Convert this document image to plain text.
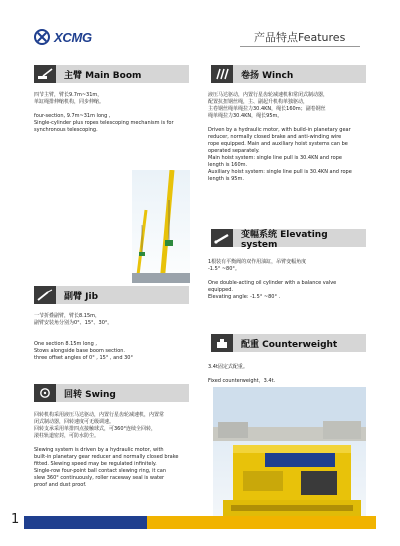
XCMG	产品特点Features
主臂 Main Boom

四节主臂，臂长9.7m~31m，

单缸绳排伸缩机构，同步伸缩。

four-section, 9.7m~31m long ,

Single-cylinder plus ropes telescoping mechanism is for

synchronous telescoping.

卷扬 Winch

液压马达驱动，内置行星齿轮减速机和常闭式制动器，

配置抗扭钢丝绳，主、副起升机构单独驱动，

主卷钢丝绳单绳拉力30.4KN，绳长160m；副卷钢丝

绳单绳拉力30.4KN，绳长95m。

Driven by a hydraulic motor, with build-in planetary gear

reducer, normally closed brake and anti-winding wire

rope equipped. Main and auxiliary hoist systems can be

operated separately.

Main hoist system: single line pull is 30.4KN and rope

length is 160m.

Auxiliary hoist system: single line pull is 30.4KN and rope

length is 95m.

变幅系统 Elevating system

1根装有平衡阀的双作用油缸，吊臂变幅角度

-1.5° ~80°。

One double-acting oil cylinder with a balance valve

equipped.

Elevating angle: -1.5° ~80° .

副臂 Jib

一节折叠副臂，臂长8.15m，

副臂安装角分别为0°、15°、30°。

One section 8.15m long ,

Stows alongside base boom section.

three offset angles of 0° , 15° , and 30°

配重 Counterweight

3.4t固定式配重。

Fixed counterweight，3.4t.

回转 Swing

回转机构采用液压马达驱动，内置行星齿轮减速机，内置常

闭式制动器，回转速度可无级调速。

回转支承采用单排四点接触球式，可360°连续全回转，

滚柱轨道密封，可防水防尘。

Slewing system is driven by a hydraulic motor, with

built-in planetary gear reducer and normally closed brake

fitted. Slewing speed may be regulated infinitely.

Single-row four-point ball contact slewing ring, it can

slew 360° continuously, roller raceway seal is water

proof and dust proof.

1
